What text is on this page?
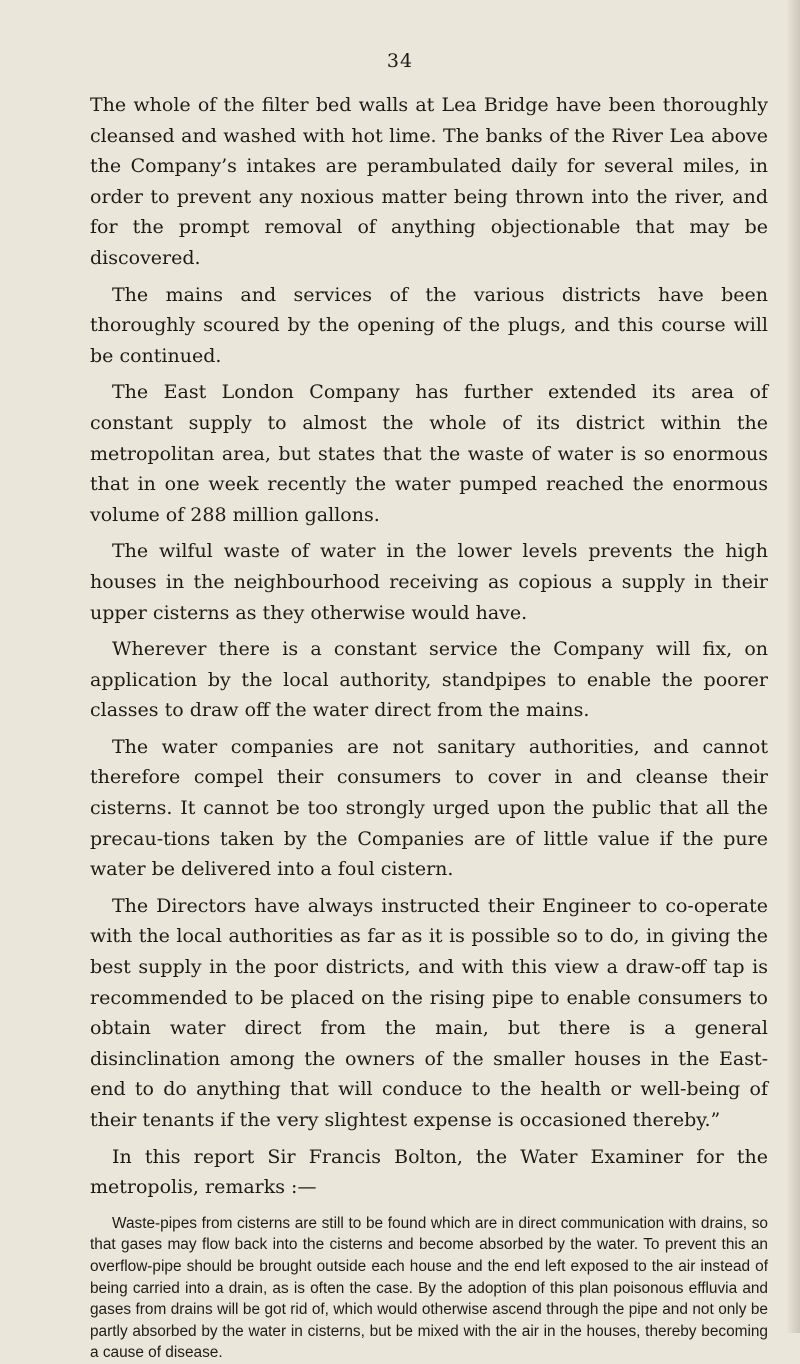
34

The whole of the filter bed walls at Lea Bridge have been thoroughly cleansed and washed with hot lime. The banks of the River Lea above the Company’s intakes are perambulated daily for several miles, in order to prevent any noxious matter being thrown into the river, and for the prompt removal of anything objectionable that may be discovered.

The mains and services of the various districts have been thoroughly scoured by the opening of the plugs, and this course will be continued.

The East London Company has further extended its area of constant supply to almost the whole of its district within the metropolitan area, but states that the waste of water is so enormous that in one week recently the water pumped reached the enormous volume of 288 million gallons.

The wilful waste of water in the lower levels prevents the high houses in the neighbourhood receiving as copious a supply in their upper cisterns as they otherwise would have.

Wherever there is a constant service the Company will fix, on application by the local authority, standpipes to enable the poorer classes to draw off the water direct from the mains.

The water companies are not sanitary authorities, and cannot therefore compel their consumers to cover in and cleanse their cisterns. It cannot be too strongly urged upon the public that all the precau-tions taken by the Companies are of little value if the pure water be delivered into a foul cistern.

The Directors have always instructed their Engineer to co-operate with the local authorities as far as it is possible so to do, in giving the best supply in the poor districts, and with this view a draw-off tap is recommended to be placed on the rising pipe to enable consumers to obtain water direct from the main, but there is a general disinclination among the owners of the smaller houses in the East-end to do anything that will conduce to the health or well-being of their tenants if the very slightest expense is occasioned thereby.”

In this report Sir Francis Bolton, the Water Examiner for the metropolis, remarks :—

Waste-pipes from cisterns are still to be found which are in direct communication with drains, so that gases may flow back into the cisterns and become absorbed by the water. To prevent this an overflow-pipe should be brought outside each house and the end left exposed to the air instead of being carried into a drain, as is often the case. By the adoption of this plan poisonous effluvia and gases from drains will be got rid of, which would otherwise ascend through the pipe and not only be partly absorbed by the water in cisterns, but be mixed with the air in the houses, thereby becoming a cause of disease.
